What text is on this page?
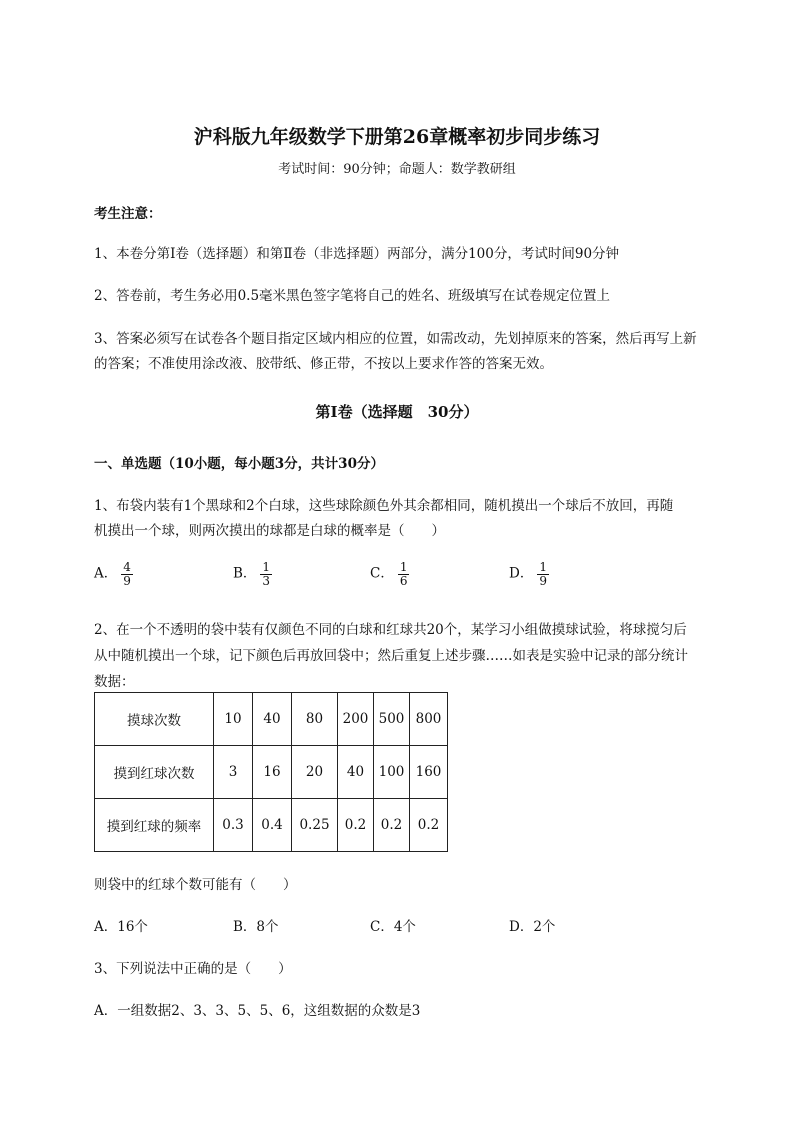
沪科版九年级数学下册第26章概率初步同步练习
考试时间：90分钟；命题人：数学教研组
考生注意：
1、本卷分第Ⅰ卷（选择题）和第Ⅱ卷（非选择题）两部分，满分100分，考试时间90分钟
2、答卷前，考生务必用0.5毫米黑色签字笔将自己的姓名、班级填写在试卷规定位置上
3、答案必须写在试卷各个题目指定区域内相应的位置，如需改动，先划掉原来的答案，然后再写上新
的答案；不准使用涂改液、胶带纸、修正带，不按以上要求作答的答案无效。
第Ⅰ卷（选择题　30分）
一、单选题（10小题，每小题3分，共计30分）
1、布袋内装有1个黑球和2个白球，这些球除颜色外其余都相同，随机摸出一个球后不放回，再随
机摸出一个球，则两次摸出的球都是白球的概率是（　　）
A． $\frac{4}{9}$	B． $\frac{1}{3}$	C． $\frac{1}{6}$	D． $\frac{1}{9}$
2、在一个不透明的袋中装有仅颜色不同的白球和红球共20个，某学习小组做摸球试验，将球搅匀后
从中随机摸出一个球，记下颜色后再放回袋中；然后重复上述步骤……如表是实验中记录的部分统计
数据：
摸球次数	10	40	80	200	500	800
摸到红球次数	3	16	20	40	100	160
摸到红球的频率	0.3	0.4	0.25	0.2	0.2	0.2
则袋中的红球个数可能有（　　）
A．16个	B．8个	C．4个	D．2个
3、下列说法中正确的是（　　）
A．一组数据2、3、3、5、5、6，这组数据的众数是3
